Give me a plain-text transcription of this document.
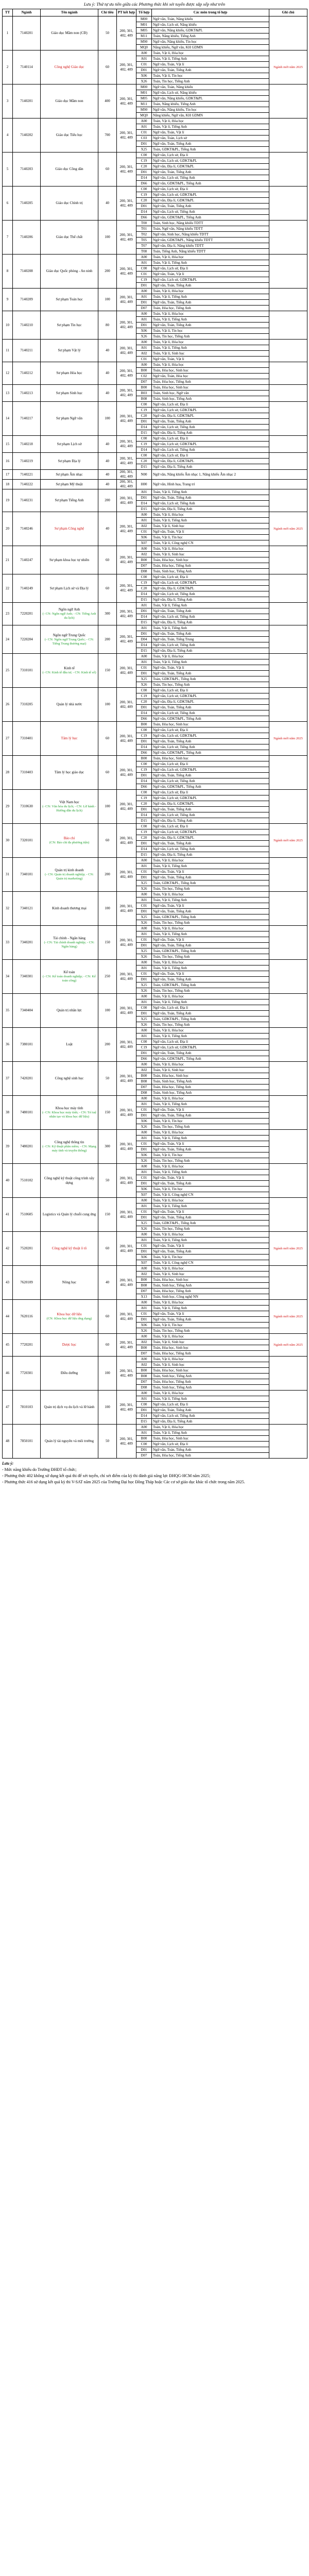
Lưu ý: Thứ tự ưu tiên giữa các Phương thức khi xét tuyển được sắp xếp như trên
TT	Ngành	Tên ngành	Chỉ tiêu	PT kết hợp	Tổ hợp	Các môn trong tổ hợp	Ghi chú
1	7140201	Giáo dục Mầm non (CĐ)	50	200, 301, 402, 409	M00	Ngữ văn, Toán, Năng khiếu	
					M01	Ngữ văn, Lịch sử, Năng khiếu	
					M05	Ngữ văn, Năng khiếu, GDKT&PL	
					M11	Toán, Năng khiếu, Tiếng Anh	
					M90	Ngữ văn, Năng khiếu, Tin học	
					MQ0	Năng khiếu, Ngữ văn, KH GDMN	
2	7140114	Công nghệ Giáo dục	60	200, 301, 402, 409	A00	Toán, Vật lí, Hóa học	Ngành mới năm 2025
					A01	Toán, Vật lí, Tiếng Anh	
					C01	Ngữ văn, Toán, Vật lí	
					D01	Ngữ văn, Toán, Tiếng Anh	
					X06	Toán, Vật lí, Tin học	
					X26	Toán, Tin học, Tiếng Anh	
3	7140201	Giáo dục Mầm non	400	200, 301, 402, 409	M00	Ngữ văn, Toán, Năng khiếu	
					M01	Ngữ văn, Lịch sử, Năng khiếu	
					M05	Ngữ văn, Năng khiếu, GDKT&PL	
					M11	Toán, Năng khiếu, Tiếng Anh	
					M90	Ngữ văn, Năng khiếu, Tin học	
					MQ0	Năng khiếu, Ngữ văn, KH GDMN	
4	7140202	Giáo dục Tiểu học	700	200, 301, 402, 409	A00	Toán, Vật lí, Hóa học	
					A01	Toán, Vật lí, Tiếng Anh	
					C01	Ngữ văn, Toán, Vật lí	
					C03	Ngữ văn, Toán, Lịch sử	
					D01	Ngữ văn, Toán, Tiếng Anh	
					X25	Toán, GDKT&PL, Tiếng Anh	
5	7140203	Giáo dục Công dân	60	200, 301, 402, 409	C00	Ngữ văn, Lịch sử, Địa lí	
					C19	Ngữ văn, Lịch sử, GDKT&PL	
					C20	Ngữ văn, Địa lí, GDKT&PL	
					D01	Ngữ văn, Toán, Tiếng Anh	
					D14	Ngữ văn, Lịch sử, Tiếng Anh	
					D66	Ngữ văn, GDKT&PL, Tiếng Anh	
6	7140205	Giáo dục Chính trị	40	200, 301, 402, 409	C00	Ngữ văn, Lịch sử, Địa lí	
					C19	Ngữ văn, Lịch sử, GDKT&PL	
					C20	Ngữ văn, Địa lí, GDKT&PL	
					D01	Ngữ văn, Toán, Tiếng Anh	
					D14	Ngữ văn, Lịch sử, Tiếng Anh	
					D66	Ngữ văn, GDKT&PL, Tiếng Anh	
7	7140206	Giáo dục Thể chất	100	200, 301, 402, 409	T00	Toán, Sinh học, Năng khiếu TDTT	
					T01	Toán, Ngữ văn, Năng khiếu TDTT	
					T02	Ngữ văn, Sinh học, Năng khiếu TDTT	
					T05	Ngữ văn, GDKT&PL, Năng khiếu TDTT	
					T07	Ngữ văn, Địa lí, Năng khiếu TDTT	
					T08	Toán, Tiếng Anh, Năng khiếu TDTT	
8	7140208	Giáo dục Quốc phòng - An ninh	200	200, 301, 402, 409	A00	Toán, Vật lí, Hóa học	
					A01	Toán, Vật lí, Tiếng Anh	
					C00	Ngữ văn, Lịch sử, Địa lí	
					C01	Ngữ văn, Toán, Vật lí	
					C19	Ngữ văn, Lịch sử, GDKT&PL	
					D01	Ngữ văn, Toán, Tiếng Anh	
9	7140209	Sư phạm Toán học	100	200, 301, 402, 409	A00	Toán, Vật lí, Hóa học	
					A01	Toán, Vật lí, Tiếng Anh	
					D01	Ngữ văn, Toán, Tiếng Anh	
					D07	Toán, Hóa học, Tiếng Anh	
10	7140210	Sư phạm Tin học	80	200, 301, 402, 409	A00	Toán, Vật lí, Hóa học	
					A01	Toán, Vật lí, Tiếng Anh	
					D01	Ngữ văn, Toán, Tiếng Anh	
					X06	Toán, Vật lí, Tin học	
					X26	Toán, Tin học, Tiếng Anh	
11	7140211	Sư phạm Vật lý	40	200, 301, 402, 409	A00	Toán, Vật lí, Hóa học	
					A01	Toán, Vật lí, Tiếng Anh	
					A02	Toán, Vật lí, Sinh học	
					C01	Ngữ văn, Toán, Vật lí	
12	7140212	Sư phạm Hóa học	40	200, 301, 402, 409	A00	Toán, Vật lí, Hóa học	
					B00	Toán, Hóa học, Sinh học	
					C02	Ngữ văn, Toán, Hóa học	
					D07	Toán, Hóa học, Tiếng Anh	
13	7140213	Sư phạm Sinh học	40	200, 301, 402, 409	B00	Toán, Hóa học, Sinh học	
					B03	Toán, Sinh học, Ngữ văn	
					B08	Toán, Sinh học, Tiếng Anh	
14	7140217	Sư phạm Ngữ văn	100	200, 301, 402, 409	C00	Ngữ văn, Lịch sử, Địa lí	
					C19	Ngữ văn, Lịch sử, GDKT&PL	
					C20	Ngữ văn, Địa lí, GDKT&PL	
					D01	Ngữ văn, Toán, Tiếng Anh	
					D14	Ngữ văn, Lịch sử, Tiếng Anh	
					D15	Ngữ văn, Địa lí, Tiếng Anh	
15	7140218	Sư phạm Lịch sử	40	200, 301, 402, 409	C00	Ngữ văn, Lịch sử, Địa lí	
					C19	Ngữ văn, Lịch sử, GDKT&PL	
					D14	Ngữ văn, Lịch sử, Tiếng Anh	
16	7140219	Sư phạm Địa lý	40	200, 301, 402, 409	C00	Ngữ văn, Lịch sử, Địa lí	
					C20	Ngữ văn, Địa lí, GDKT&PL	
					D15	Ngữ văn, Địa lí, Tiếng Anh	
17	7140221	Sư phạm Âm nhạc	40	200, 301, 402, 409	N00	Ngữ văn, Năng khiếu Âm nhạc 1, Năng khiếu Âm nhạc 2	
18	7140222	Sư phạm Mỹ thuật	40	200, 301, 402, 409	H00	Ngữ văn, Hình họa, Trang trí	
19	7140231	Sư phạm Tiếng Anh	200	200, 301, 402, 409	A01	Toán, Vật lí, Tiếng Anh	
					D01	Ngữ văn, Toán, Tiếng Anh	
					D14	Ngữ văn, Lịch sử, Tiếng Anh	
					D15	Ngữ văn, Địa lí, Tiếng Anh	
20	7140246	Sư phạm Công nghệ	40	200, 301, 402, 409	A00	Toán, Vật lí, Hóa học	Ngành mới năm 2025
					A01	Toán, Vật lí, Tiếng Anh	
					A02	Toán, Vật lí, Sinh học	
					C01	Ngữ văn, Toán, Vật lí	
					X06	Toán, Vật lí, Tin học	
					X07	Toán, Vật lí, Công nghệ CN	
21	7140247	Sư phạm khoa học tự nhiên	60	200, 301, 402, 409	A00	Toán, Vật lí, Hóa học	
					A02	Toán, Vật lí, Sinh học	
					B00	Toán, Hóa học, Sinh học	
					D07	Toán, Hóa học, Tiếng Anh	
					D08	Toán, Sinh học, Tiếng Anh	
22	7140249	Sư phạm Lịch sử và Địa lý	60	200, 301, 402, 409	C00	Ngữ văn, Lịch sử, Địa lí	
					C19	Ngữ văn, Lịch sử, GDKT&PL	
					C20	Ngữ văn, Địa lí, GDKT&PL	
					D14	Ngữ văn, Lịch sử, Tiếng Anh	
					D15	Ngữ văn, Địa lí, Tiếng Anh	
23	7220201	Ngôn ngữ Anh
(- CN: Ngôn ngữ Anh; - CN: Tiếng Anh du lịch)	300	200, 301, 402, 409	A01	Toán, Vật lí, Tiếng Anh	
					D01	Ngữ văn, Toán, Tiếng Anh	
					D14	Ngữ văn, Lịch sử, Tiếng Anh	
					D15	Ngữ văn, Địa lí, Tiếng Anh	
24	7220204	Ngôn ngữ Trung Quốc
(- CN: Ngôn ngữ Trung Quốc; - CN: Tiếng Trung thương mại)	200	200, 301, 402, 409	A01	Toán, Vật lí, Tiếng Anh	
					D01	Ngữ văn, Toán, Tiếng Anh	
					D04	Ngữ văn, Toán, Tiếng Trung	
					D14	Ngữ văn, Lịch sử, Tiếng Anh	
					D15	Ngữ văn, Địa lí, Tiếng Anh	
25	7310101	Kinh tế
(- CN: Kinh tế đầu tư; - CN: Kinh tế số)	150	200, 301, 402, 409	A00	Toán, Vật lí, Hóa học	
					A01	Toán, Vật lí, Tiếng Anh	
					C01	Ngữ văn, Toán, Vật lí	
					D01	Ngữ văn, Toán, Tiếng Anh	
					X25	Toán, GDKT&PL, Tiếng Anh	
					X26	Toán, Tin học, Tiếng Anh	
26	7310205	Quản lý nhà nước	100	200, 301, 402, 409	C00	Ngữ văn, Lịch sử, Địa lí	
					C19	Ngữ văn, Lịch sử, GDKT&PL	
					C20	Ngữ văn, Địa lí, GDKT&PL	
					D01	Ngữ văn, Toán, Tiếng Anh	
					D14	Ngữ văn, Lịch sử, Tiếng Anh	
					D66	Ngữ văn, GDKT&PL, Tiếng Anh	
27	7310401	Tâm lý học	60	200, 301, 402, 409	B00	Toán, Hóa học, Sinh học	Ngành mới năm 2025
					C00	Ngữ văn, Lịch sử, Địa lí	
					C19	Ngữ văn, Lịch sử, GDKT&PL	
					D01	Ngữ văn, Toán, Tiếng Anh	
					D14	Ngữ văn, Lịch sử, Tiếng Anh	
					D66	Ngữ văn, GDKT&PL, Tiếng Anh	
28	7310403	Tâm lý học giáo dục	60	200, 301, 402, 409	B00	Toán, Hóa học, Sinh học	
					C00	Ngữ văn, Lịch sử, Địa lí	
					C19	Ngữ văn, Lịch sử, GDKT&PL	
					D01	Ngữ văn, Toán, Tiếng Anh	
					D14	Ngữ văn, Lịch sử, Tiếng Anh	
					D66	Ngữ văn, GDKT&PL, Tiếng Anh	
29	7310630	Việt Nam học
(- CN: Văn hóa du lịch; - CN: Lữ hành - Hướng dẫn du lịch)	100	200, 301, 402, 409	C00	Ngữ văn, Lịch sử, Địa lí	
					C19	Ngữ văn, Lịch sử, GDKT&PL	
					C20	Ngữ văn, Địa lí, GDKT&PL	
					D01	Ngữ văn, Toán, Tiếng Anh	
					D14	Ngữ văn, Lịch sử, Tiếng Anh	
					D15	Ngữ văn, Địa lí, Tiếng Anh	
30	7320101	Báo chí
(CN: Báo chí đa phương tiện)	60	200, 301, 402, 409	C00	Ngữ văn, Lịch sử, Địa lí	Ngành mới năm 2025
					C19	Ngữ văn, Lịch sử, GDKT&PL	
					C20	Ngữ văn, Địa lí, GDKT&PL	
					D01	Ngữ văn, Toán, Tiếng Anh	
					D14	Ngữ văn, Lịch sử, Tiếng Anh	
					D15	Ngữ văn, Địa lí, Tiếng Anh	
31	7340101	Quản trị kinh doanh
(- CN: Quản trị doanh nghiệp; - CN: Quản trị marketing)	200	200, 301, 402, 409	A00	Toán, Vật lí, Hóa học	
					A01	Toán, Vật lí, Tiếng Anh	
					C01	Ngữ văn, Toán, Vật lí	
					D01	Ngữ văn, Toán, Tiếng Anh	
					X25	Toán, GDKT&PL, Tiếng Anh	
					X26	Toán, Tin học, Tiếng Anh	
32	7340121	Kinh doanh thương mại	100	200, 301, 402, 409	A00	Toán, Vật lí, Hóa học	
					A01	Toán, Vật lí, Tiếng Anh	
					C01	Ngữ văn, Toán, Vật lí	
					D01	Ngữ văn, Toán, Tiếng Anh	
					X25	Toán, GDKT&PL, Tiếng Anh	
					X26	Toán, Tin học, Tiếng Anh	
33	7340201	Tài chính - Ngân hàng
(- CN: Tài chính doanh nghiệp; - CN: Ngân hàng)	150	200, 301, 402, 409	A00	Toán, Vật lí, Hóa học	
					A01	Toán, Vật lí, Tiếng Anh	
					C01	Ngữ văn, Toán, Vật lí	
					D01	Ngữ văn, Toán, Tiếng Anh	
					X25	Toán, GDKT&PL, Tiếng Anh	
					X26	Toán, Tin học, Tiếng Anh	
34	7340301	Kế toán
(- CN: Kế toán doanh nghiệp; - CN: Kế toán công)	250	200, 301, 402, 409	A00	Toán, Vật lí, Hóa học	
					A01	Toán, Vật lí, Tiếng Anh	
					C01	Ngữ văn, Toán, Vật lí	
					D01	Ngữ văn, Toán, Tiếng Anh	
					X25	Toán, GDKT&PL, Tiếng Anh	
					X26	Toán, Tin học, Tiếng Anh	
35	7340404	Quản trị nhân lực	100	200, 301, 402, 409	A00	Toán, Vật lí, Hóa học	
					A01	Toán, Vật lí, Tiếng Anh	
					C00	Ngữ văn, Lịch sử, Địa lí	
					D01	Ngữ văn, Toán, Tiếng Anh	
					X25	Toán, GDKT&PL, Tiếng Anh	
					X26	Toán, Tin học, Tiếng Anh	
36	7380101	Luật	200	200, 301, 402, 409	A00	Toán, Vật lí, Hóa học	
					A01	Toán, Vật lí, Tiếng Anh	
					C00	Ngữ văn, Lịch sử, Địa lí	
					C19	Ngữ văn, Lịch sử, GDKT&PL	
					D01	Ngữ văn, Toán, Tiếng Anh	
					D66	Ngữ văn, GDKT&PL, Tiếng Anh	
37	7420201	Công nghệ sinh học	50	200, 301, 402, 409	A00	Toán, Vật lí, Hóa học	
					A02	Toán, Vật lí, Sinh học	
					B00	Toán, Hóa học, Sinh học	
					B08	Toán, Sinh học, Tiếng Anh	
					D07	Toán, Hóa học, Tiếng Anh	
					D08	Toán, Sinh học, Tiếng Anh	
38	7480101	Khoa học máy tính
(- CN: Khoa học máy tính; - CN: Trí tuệ nhân tạo và khoa học dữ liệu)	150	200, 301, 402, 409	A00	Toán, Vật lí, Hóa học	
					A01	Toán, Vật lí, Tiếng Anh	
					C01	Ngữ văn, Toán, Vật lí	
					D01	Ngữ văn, Toán, Tiếng Anh	
					X06	Toán, Vật lí, Tin học	
					X26	Toán, Tin học, Tiếng Anh	
39	7480201	Công nghệ thông tin
(- CN: Kỹ thuật phần mềm; - CN: Mạng máy tính và truyền thông)	300	200, 301, 402, 409	A00	Toán, Vật lí, Hóa học	
					A01	Toán, Vật lí, Tiếng Anh	
					C01	Ngữ văn, Toán, Vật lí	
					D01	Ngữ văn, Toán, Tiếng Anh	
					X06	Toán, Vật lí, Tin học	
					X26	Toán, Tin học, Tiếng Anh	
40	7510102	Công nghệ kỹ thuật công trình xây dựng	50	200, 301, 402, 409	A00	Toán, Vật lí, Hóa học	
					A01	Toán, Vật lí, Tiếng Anh	
					C01	Ngữ văn, Toán, Vật lí	
					D01	Ngữ văn, Toán, Tiếng Anh	
					X06	Toán, Vật lí, Tin học	
					X07	Toán, Vật lí, Công nghệ CN	
41	7510605	Logistics và Quản lý chuỗi cung ứng	150	200, 301, 402, 409	A00	Toán, Vật lí, Hóa học	
					A01	Toán, Vật lí, Tiếng Anh	
					C01	Ngữ văn, Toán, Vật lí	
					D01	Ngữ văn, Toán, Tiếng Anh	
					X25	Toán, GDKT&PL, Tiếng Anh	
					X26	Toán, Tin học, Tiếng Anh	
42	7520201	Công nghệ kỹ thuật ô tô	60	200, 301, 402, 409	A00	Toán, Vật lí, Hóa học	Ngành mới năm 2025
					A01	Toán, Vật lí, Tiếng Anh	
					C01	Ngữ văn, Toán, Vật lí	
					D01	Ngữ văn, Toán, Tiếng Anh	
					X06	Toán, Vật lí, Tin học	
					X07	Toán, Vật lí, Công nghệ CN	
43	7620109	Nông học	40	200, 301, 402, 409	A00	Toán, Vật lí, Hóa học	
					A02	Toán, Vật lí, Sinh học	
					B00	Toán, Hóa học, Sinh học	
					B08	Toán, Sinh học, Tiếng Anh	
					D07	Toán, Hóa học, Tiếng Anh	
					X13	Toán, Sinh học, Công nghệ NN	
44	7620116	Khoa học dữ liệu
(CN: Khoa học dữ liệu ứng dụng)	60	200, 301, 402, 409	A00	Toán, Vật lí, Hóa học	Ngành mới năm 2025
					A01	Toán, Vật lí, Tiếng Anh	
					C01	Ngữ văn, Toán, Vật lí	
					D01	Ngữ văn, Toán, Tiếng Anh	
					X06	Toán, Vật lí, Tin học	
					X26	Toán, Tin học, Tiếng Anh	
45	7720201	Dược học	60	200, 301, 402, 409	A00	Toán, Vật lí, Hóa học	Ngành mới năm 2025
					A02	Toán, Vật lí, Sinh học	
					B00	Toán, Hóa học, Sinh học	
					D07	Toán, Hóa học, Tiếng Anh	
46	7720301	Điều dưỡng	100	200, 301, 402, 409	A00	Toán, Vật lí, Hóa học	
					A02	Toán, Vật lí, Sinh học	
					B00	Toán, Hóa học, Sinh học	
					B08	Toán, Sinh học, Tiếng Anh	
					D07	Toán, Hóa học, Tiếng Anh	
					D08	Toán, Sinh học, Tiếng Anh	
47	7810103	Quản trị dịch vụ du lịch và lữ hành	100	200, 301, 402, 409	A00	Toán, Vật lí, Hóa học	
					A01	Toán, Vật lí, Tiếng Anh	
					C00	Ngữ văn, Lịch sử, Địa lí	
					D01	Ngữ văn, Toán, Tiếng Anh	
					D14	Ngữ văn, Lịch sử, Tiếng Anh	
					D15	Ngữ văn, Địa lí, Tiếng Anh	
48	7850101	Quản lý tài nguyên và môi trường	50	200, 301, 402, 409	A00	Toán, Vật lí, Hóa học	
					A01	Toán, Vật lí, Tiếng Anh	
					B00	Toán, Hóa học, Sinh học	
					C00	Ngữ văn, Lịch sử, Địa lí	
					D01	Ngữ văn, Toán, Tiếng Anh	
					D07	Toán, Hóa học, Tiếng Anh	
Lưu ý:

- Mức năng khiếu do Trường ĐHĐT tổ chức;

- Phương thức 402 không sử dụng kết quả thi để xét tuyển, chỉ xét điểm của kỳ thi đánh giá năng lực ĐHQG-HCM năm 2025;

- Phương thức 416 sử dụng kết quả kỳ thi V-SAT năm 2025 của Trường Đại học Đồng Tháp hoặc Các cơ sở giáo dục khác tổ chức trong năm 2025.
